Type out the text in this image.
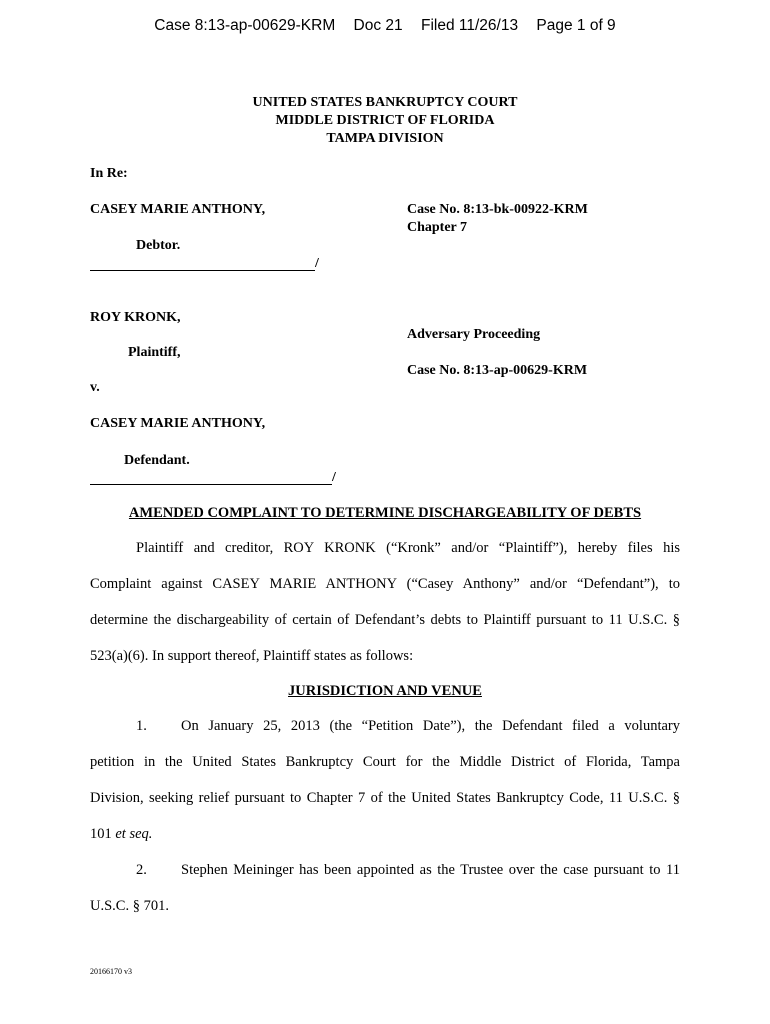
Case 8:13-ap-00629-KRM Doc 21 Filed 11/26/13 Page 1 of 9
UNITED STATES BANKRUPTCY COURT
MIDDLE DISTRICT OF FLORIDA
TAMPA DIVISION
In Re:
CASEY MARIE ANTHONY,	Case No. 8:13-bk-00922-KRM
Chapter 7
Debtor.
/
ROY KRONK,
Adversary Proceeding
Plaintiff,
Case No. 8:13-ap-00629-KRM
v.
CASEY MARIE ANTHONY,
Defendant.
/
AMENDED COMPLAINT TO DETERMINE DISCHARGEABILITY OF DEBTS
Plaintiff and creditor, ROY KRONK (“Kronk” and/or “Plaintiff”), hereby files his
Complaint against CASEY MARIE ANTHONY (“Casey Anthony” and/or “Defendant”), to
determine the dischargeability of certain of Defendant’s debts to Plaintiff pursuant to 11 U.S.C. §
523(a)(6). In support thereof, Plaintiff states as follows:
JURISDICTION AND VENUE
1. On January 25, 2013 (the “Petition Date”), the Defendant filed a voluntary
petition in the United States Bankruptcy Court for the Middle District of Florida, Tampa
Division, seeking relief pursuant to Chapter 7 of the United States Bankruptcy Code, 11 U.S.C. §
101 et seq.
2. Stephen Meininger has been appointed as the Trustee over the case pursuant to 11
U.S.C. § 701.
20166170 v3
